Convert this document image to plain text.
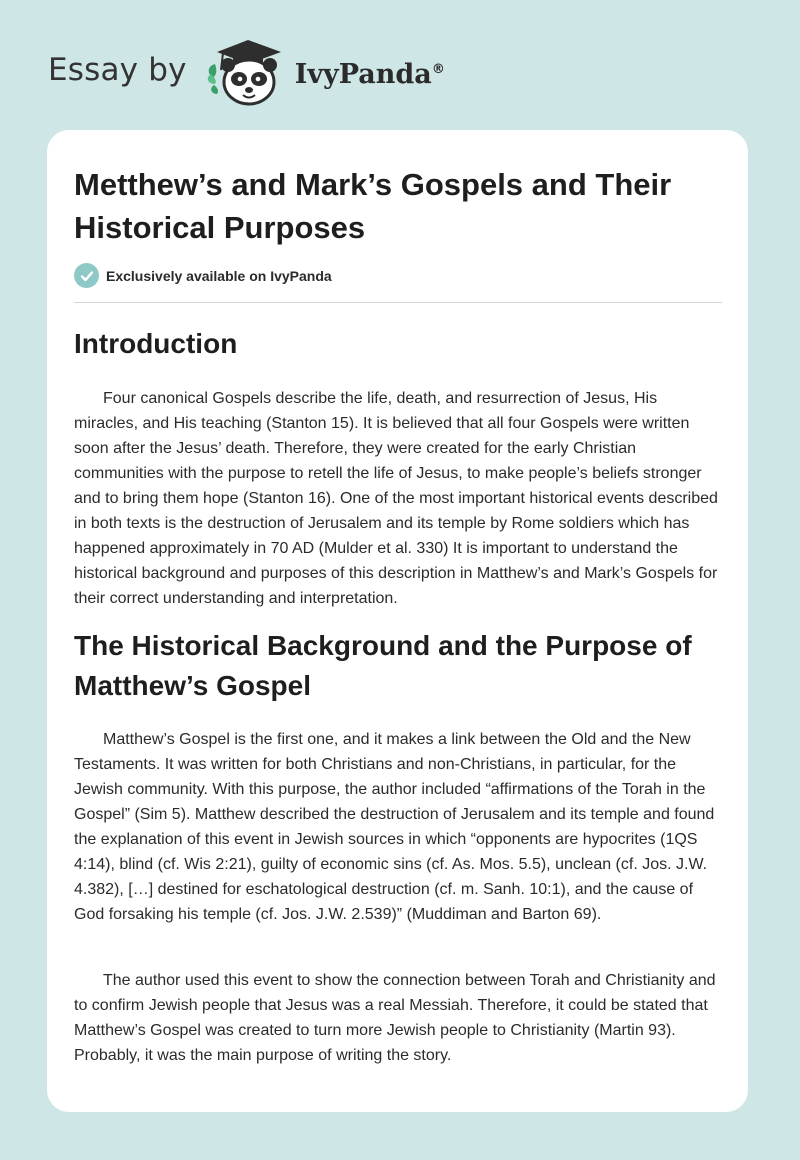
Essay by	IvyPanda®
Metthew’s and Mark’s Gospels and Their Historical Purposes
Exclusively available on IvyPanda
Introduction

Four canonical Gospels describe the life, death, and resurrection of Jesus, His miracles, and His teaching (Stanton 15). It is believed that all four Gospels were written soon after the Jesus’ death. Therefore, they were created for the early Christian communities with the purpose to retell the life of Jesus, to make people’s beliefs stronger and to bring them hope (Stanton 16). One of the most important historical events described in both texts is the destruction of Jerusalem and its temple by Rome soldiers which has happened approximately in 70 AD (Mulder et al. 330) It is important to understand the historical background and purposes of this description in Matthew’s and Mark’s Gospels for their correct understanding and interpretation.

The Historical Background and the Purpose of Matthew’s Gospel

Matthew’s Gospel is the first one, and it makes a link between the Old and the New Testaments. It was written for both Christians and non-Christians, in particular, for the Jewish community. With this purpose, the author included “affirmations of the Torah in the Gospel” (Sim 5). Matthew described the destruction of Jerusalem and its temple and found the explanation of this event in Jewish sources in which “opponents are hypocrites (1QS 4:14), blind (cf. Wis 2:21), guilty of economic sins (cf. As. Mos. 5.5), unclean (cf. Jos. J.W. 4.382), […] destined for eschatological destruction (cf. m. Sanh. 10:1), and the cause of God forsaking his temple (cf. Jos. J.W. 2.539)” (Muddiman and Barton 69).

The author used this event to show the connection between Torah and Christianity and to confirm Jewish people that Jesus was a real Messiah. Therefore, it could be stated that Matthew’s Gospel was created to turn more Jewish people to Christianity (Martin 93). Probably, it was the main purpose of writing the story.
